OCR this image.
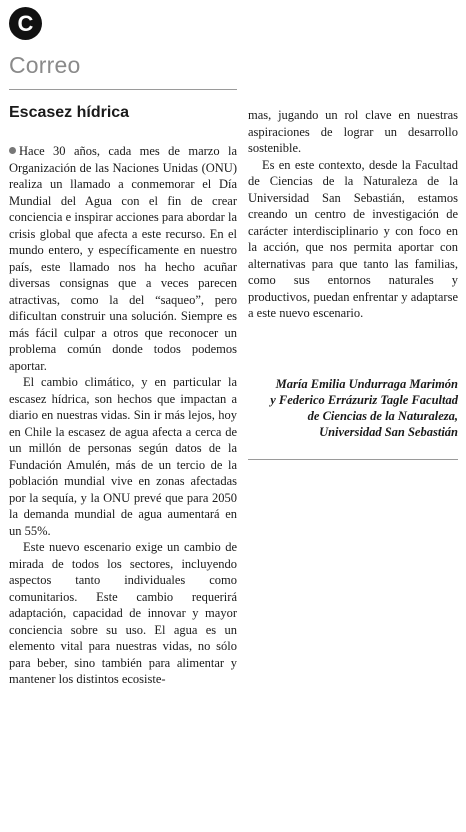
C
Correo
Escasez hídrica

Hace 30 años, cada mes de marzo la Organización de las Naciones Unidas (ONU) realiza un llamado a conmemorar el Día Mundial del Agua con el fin de crear conciencia e inspirar acciones para abordar la crisis global que afecta a este recurso. En el mundo entero, y específicamente en nuestro país, este llamado nos ha hecho acuñar diversas consignas que a veces parecen atractivas, como la del “saqueo”, pero dificultan construir una solución. Siempre es más fácil culpar a otros que reconocer un problema común donde todos podemos aportar.

El cambio climático, y en particular la escasez hídrica, son hechos que impactan a diario en nuestras vidas. Sin ir más lejos, hoy en Chile la escasez de agua afecta a cerca de un millón de personas según datos de la Fundación Amulén, más de un tercio de la población mundial vive en zonas afectadas por la sequía, y la ONU prevé que para 2050 la demanda mundial de agua aumentará en un 55%.

Este nuevo escenario exige un cambio de mirada de todos los sectores, incluyendo aspectos tanto individuales como comunitarios. Este cambio requerirá adaptación, capacidad de innovar y mayor conciencia sobre su uso. El agua es un elemento vital para nuestras vidas, no sólo para beber, sino también para alimentar y mantener los distintos ecosiste-

mas, jugando un rol clave en nuestras aspiraciones de lograr un desarrollo sostenible.

Es en este contexto, desde la Facultad de Ciencias de la Naturaleza de la Universidad San Sebastián, estamos creando un centro de investigación de carácter interdisciplinario y con foco en la acción, que nos permita aportar con alternativas para que tanto las familias, como sus entornos naturales y productivos, puedan enfrentar y adaptarse a este nuevo escenario.

María Emilia Undurraga Marimón
y Federico Errázuriz Tagle Facultad
de Ciencias de la Naturaleza,
Universidad San Sebastián
